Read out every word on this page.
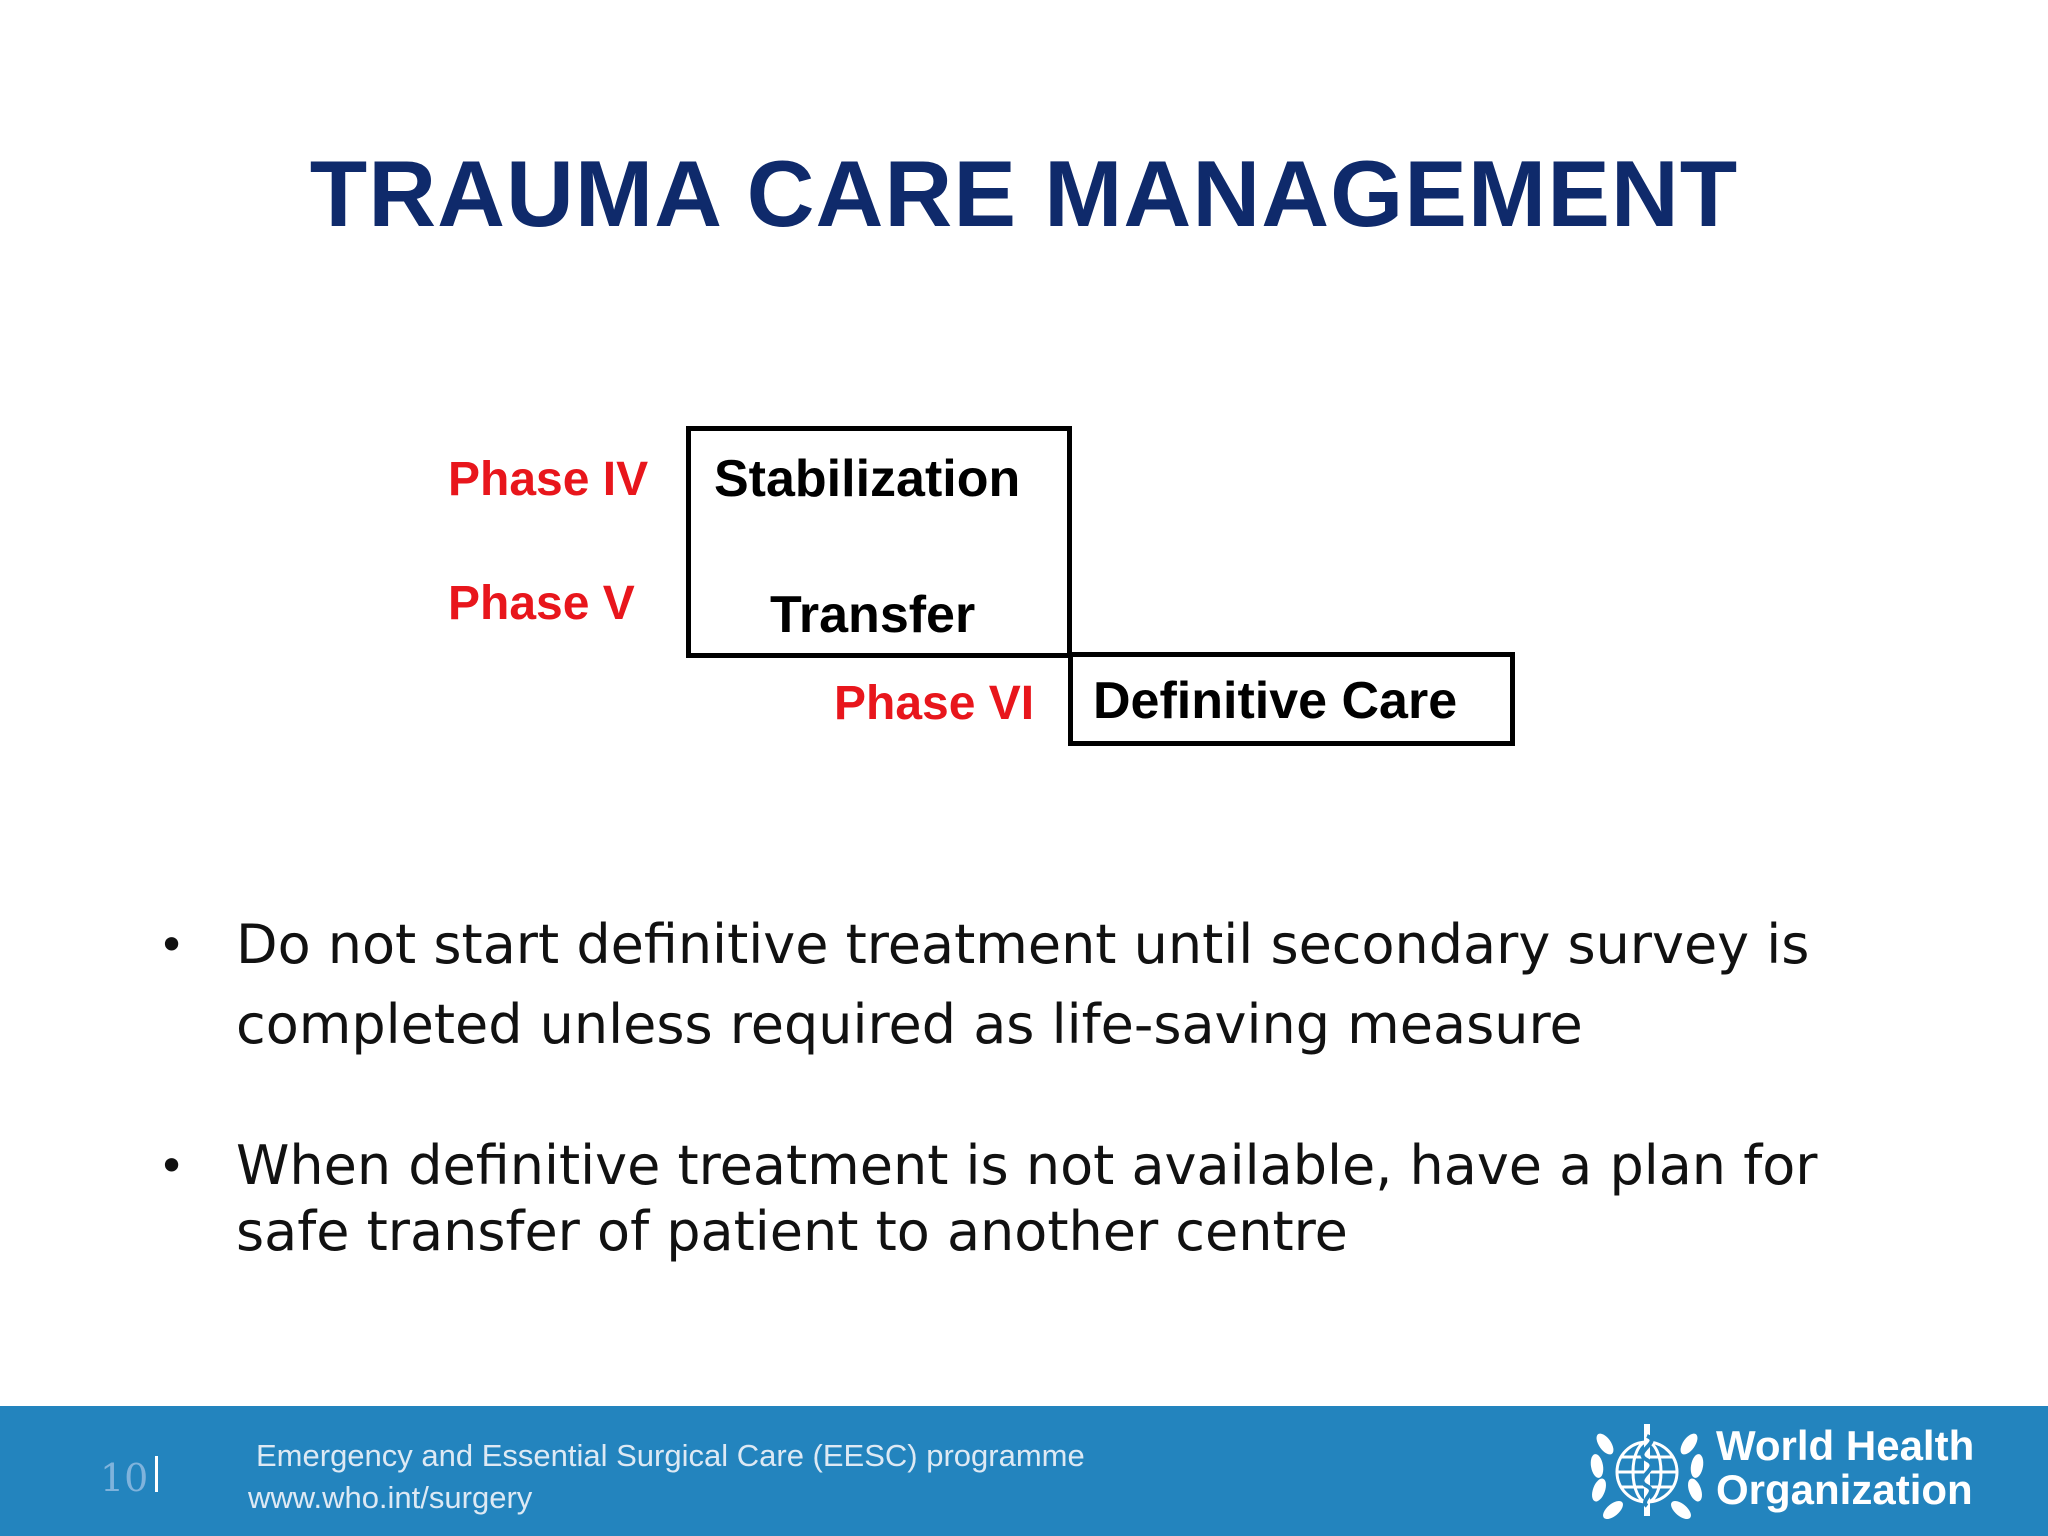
TRAUMA CARE MANAGEMENT
Phase IV
Phase V
Phase VI
Stabilization
Transfer
Definitive Care
• Do not start definitive treatment until secondary survey is
completed unless required as life-saving measure
• When definitive treatment is not available, have a plan for
safe transfer of patient to another centre
10
Emergency and Essential Surgical Care (EESC) programme
www.who.int/surgery
World Health
Organization
